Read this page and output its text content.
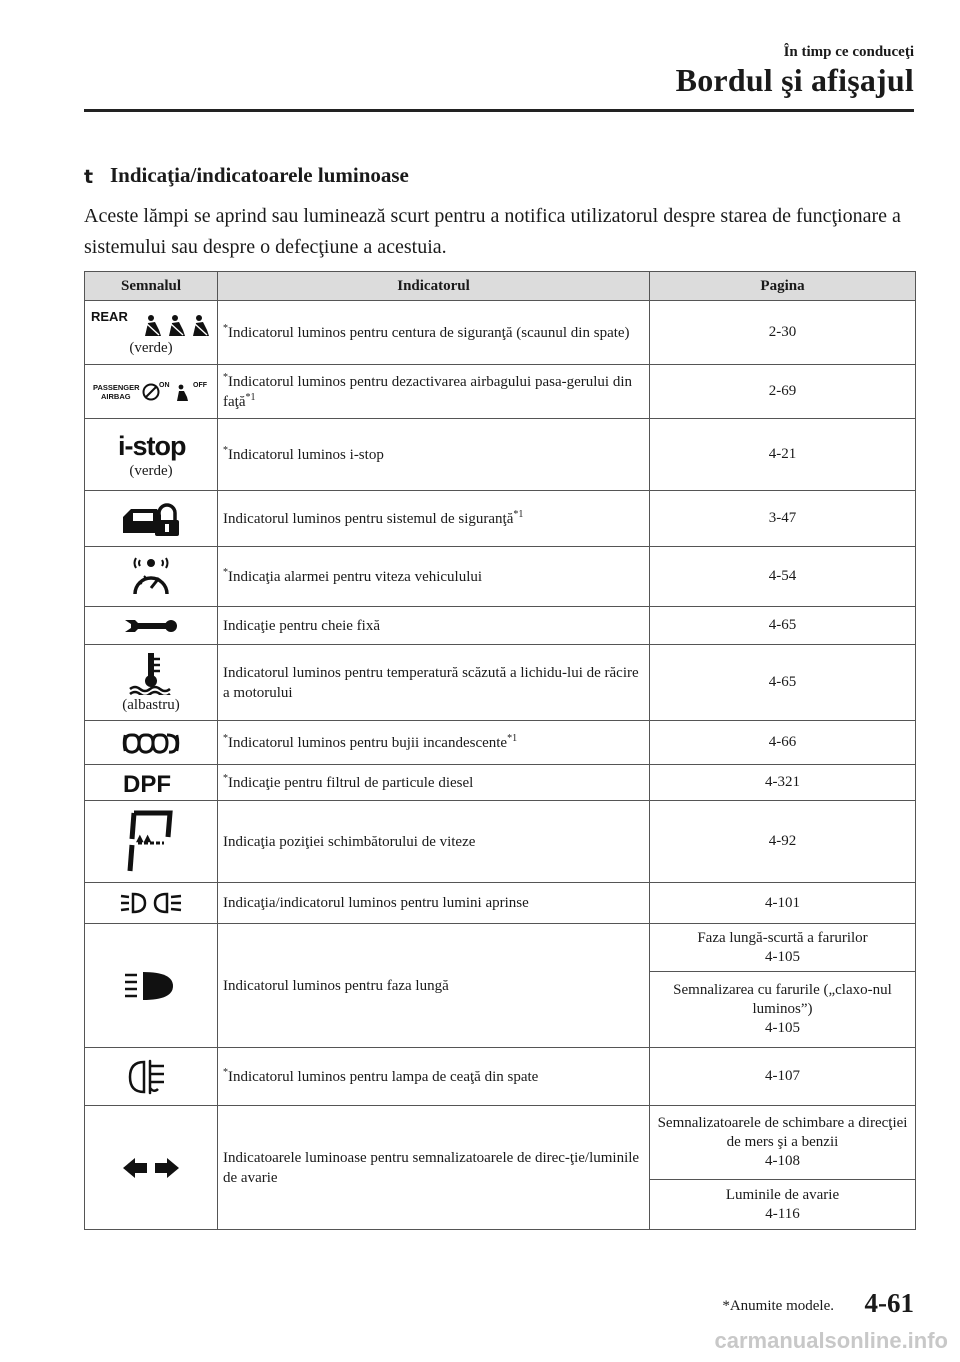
În timp ce conduceţi
Bordul şi afişajul
t Indicaţia/indicatoarele luminoase
Aceste lămpi se aprind sau luminează scurt pentru a notifica utilizatorul despre starea de funcţionare a sistemului sau despre o defecţiune a acestuia.
Semnalul	Indicatorul	Pagina

REAR
(verde)	*Indicatorul luminos pentru centura de siguranţă (scaunul din spate)	2-30

PASSENGER
AIRBAG
ON OFF	*Indicatorul luminos pentru dezactivarea airbagului pasa-gerului din faţă$^{*1}$	2-69

i-stop
(verde)	*Indicatorul luminos i-stop	4-21
	Indicatorul luminos pentru sistemul de siguranţă$^{*1}$	3-47
	*Indicaţia alarmei pentru viteza vehiculului	4-54
	Indicaţie pentru cheie fixă	4-65

(albastru)	Indicatorul luminos pentru temperatură scăzută a lichidu-lui de răcire a motorului	4-65
	*Indicatorul luminos pentru bujii incandescente$^{*1}$	4-66

DPF	*Indicaţie pentru filtrul de particule diesel	4-321

▲▲	Indicaţia poziţiei schimbătorului de viteze	4-92
	Indicaţia/indicatorul luminos pentru lumini aprinse	4-101
	Indicatorul luminos pentru faza lungă	Faza lungă-scurtă a farurilor
4-105
		Semnalizarea cu farurile („claxo-nul luminos”)
4-105
	*Indicatorul luminos pentru lampa de ceaţă din spate	4-107
	Indicatoarele luminoase pentru semnalizatoarele de direc-ţie/luminile de avarie	Semnalizatoarele de schimbare a direcţiei de mers şi a benzii
4-108
		Luminile de avarie
4-116
*Anumite modele. 4-61
carmanualsonline.info
